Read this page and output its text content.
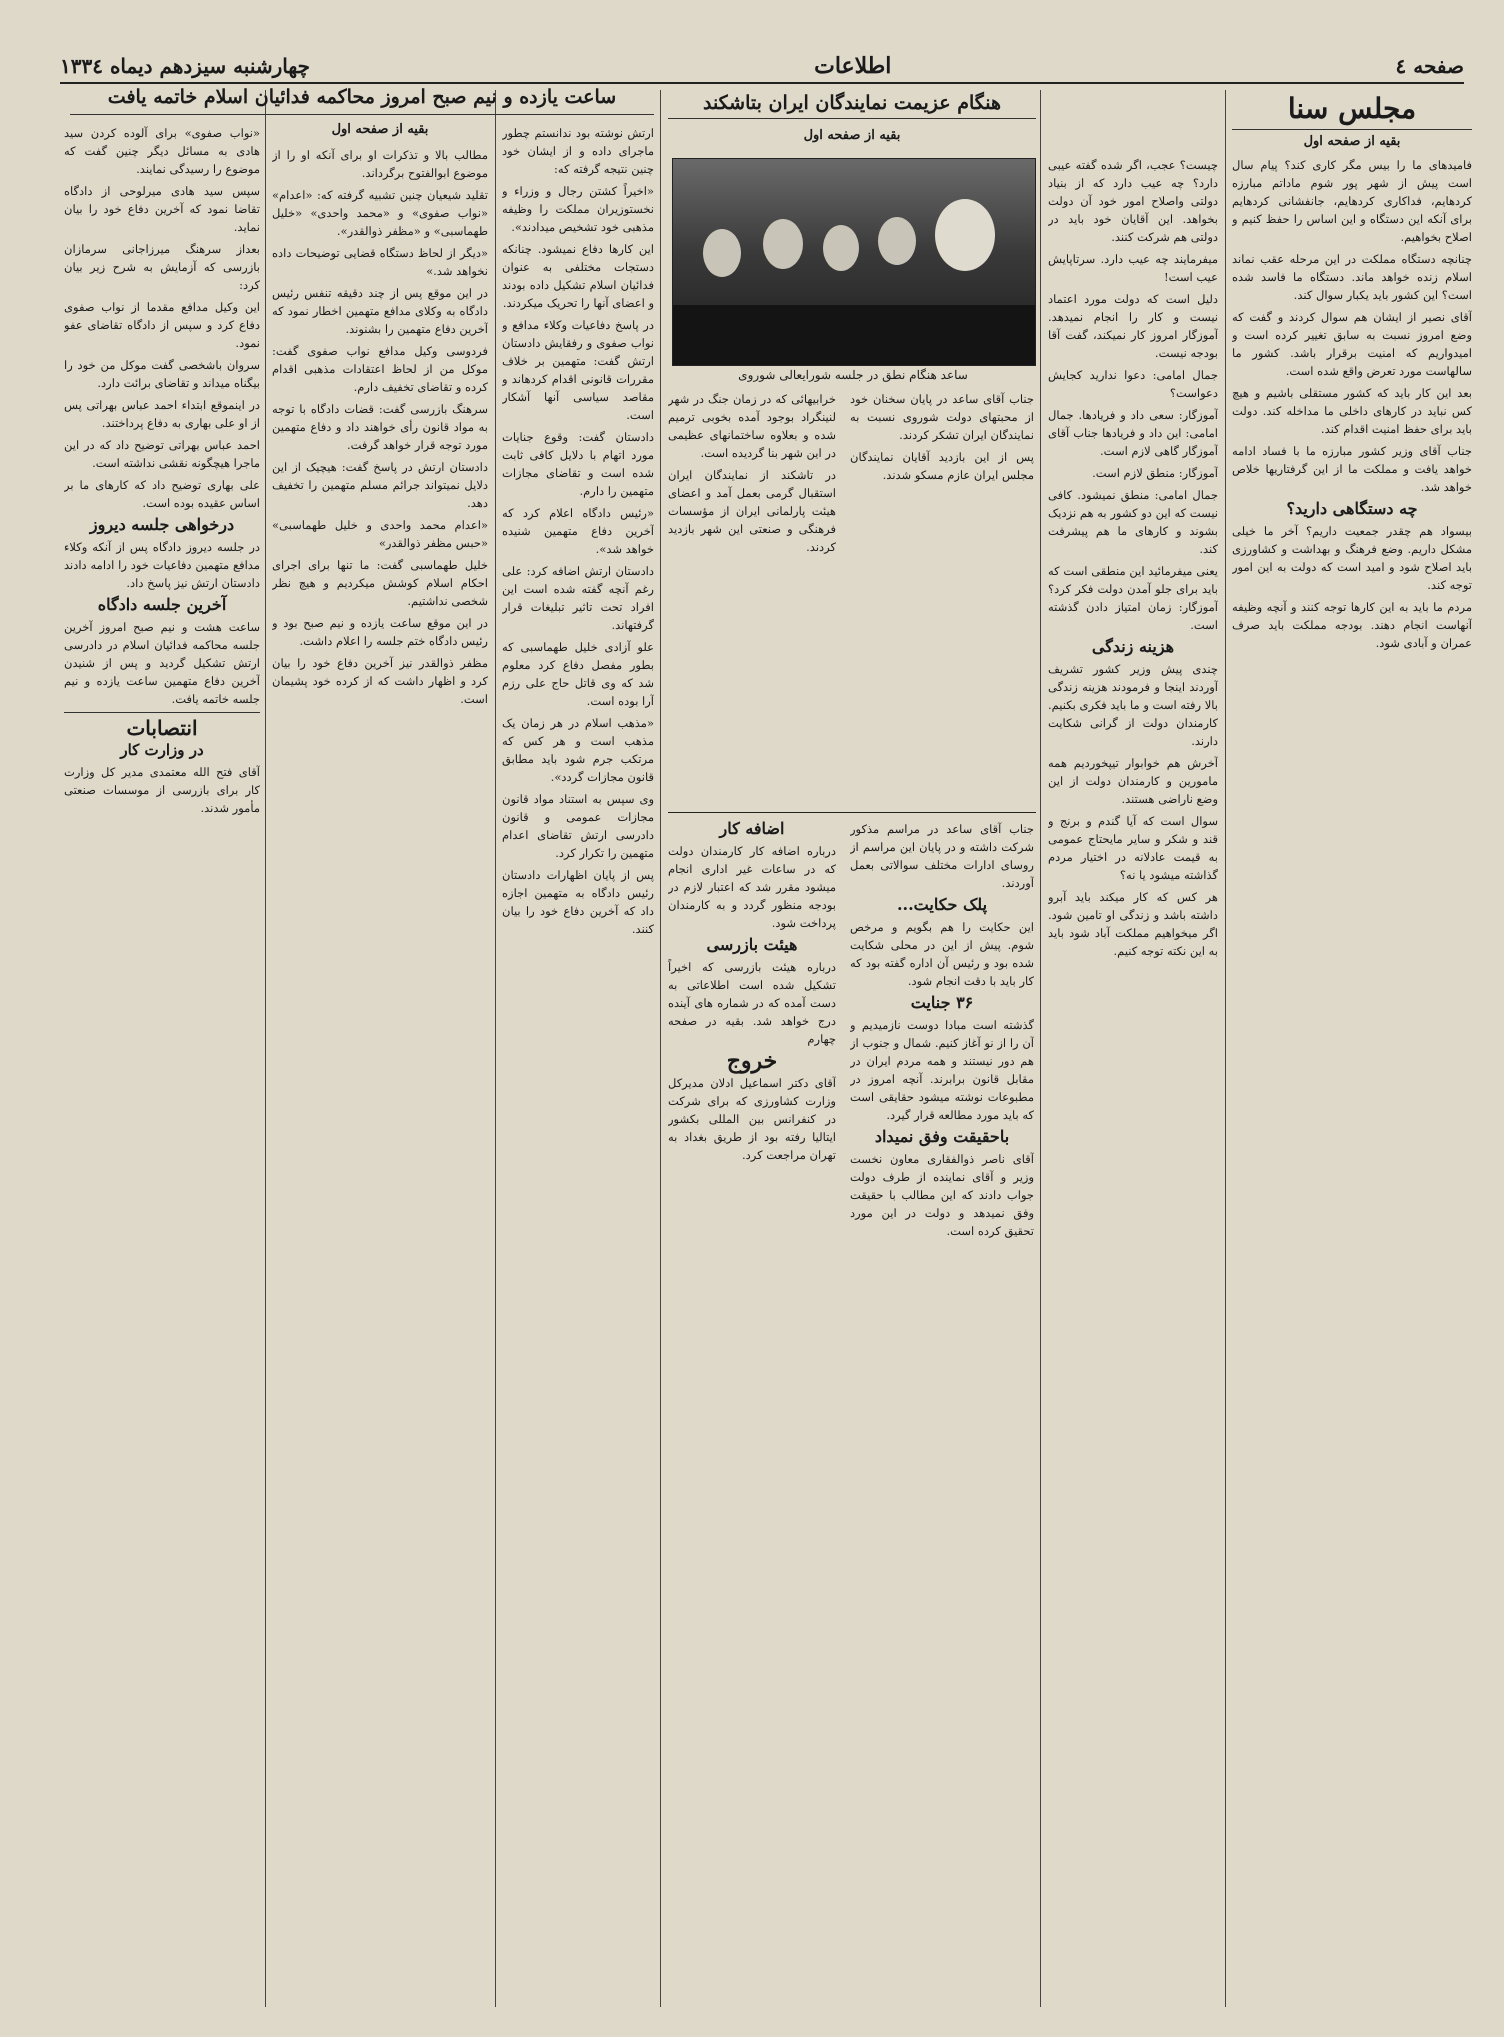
صفحه ٤
اطلاعات
چهارشنبه سیزدهم دیماه ۱۳۳٤
مجلس سنا
بقیه از صفحه اول

فامیدهای ما را بیس مگر کاری کند؟ پیام سال است پیش از شهر پور شوم ماداتم مبارزه کردهایم، فداکاری کردهایم، جانفشانی کردهایم برای آنکه این دستگاه و این اساس را حفظ کنیم و اصلاح بخواهیم.

چنانچه دستگاه مملکت در این مرحله عقب نماند اسلام زنده خواهد ماند. دستگاه ما فاسد شده است؟ این کشور باید یکبار سوال کند.

آقای نصیر از ایشان هم سوال کردند و گفت که وضع امروز نسبت به سابق تغییر کرده است و امیدواریم که امنیت برقرار باشد. کشور ما سالهاست مورد تعرض واقع شده است.

بعد این کار باید که کشور مستقلی باشیم و هیچ کس نباید در کارهای داخلی ما مداخله کند. دولت باید برای حفظ امنیت اقدام کند.

جناب آقای وزیر کشور مبارزه ما با فساد ادامه خواهد یافت و مملکت ما از این گرفتاریها خلاص خواهد شد.

چه دستگاهی دارید؟

بیسواد هم چقدر جمعیت داریم؟ آخر ما خیلی مشکل داریم. وضع فرهنگ و بهداشت و کشاورزی باید اصلاح شود و امید است که دولت به این امور توجه کند.

مردم ما باید به این کارها توجه کنند و آنچه وظیفه آنهاست انجام دهند. بودجه مملکت باید صرف عمران و آبادی شود.

چیست؟ عجب، اگر شده گفته عیبی دارد؟ چه عیب دارد که از بنیاد دولتی واصلاح امور خود آن دولت بخواهد. این آقایان خود باید در دولتی هم شرکت کنند.

میفرمایند چه عیب دارد. سرتاپایش عیب است!

دلیل است که دولت مورد اعتماد نیست و کار را انجام نمیدهد. آموزگار امروز کار نمیکند، گفت آقا بودجه نیست.

جمال امامی: دعوا ندارید کجایش دعواست؟

آموزگار: سعی داد و فریادها. جمال امامی: این داد و فریادها جناب آقای آموزگار گاهی لازم است.

آموزگار: منطق لازم است.

جمال امامی: منطق نمیشود. کافی نیست که این دو کشور به هم نزدیک بشوند و کارهای ما هم پیشرفت کند.

یعنی میفرمائید این منطقی است که باید برای جلو آمدن دولت فکر کرد؟ آموزگار: زمان امتیاز دادن گذشته است.

هزینه زندگی

چندی پیش وزیر کشور تشریف آوردند اینجا و فرمودند هزینه زندگی بالا رفته است و ما باید فکری بکنیم. کارمندان دولت از گرانی شکایت دارند.

آخرش هم خوابوار تیپخوردیم همه مامورین و کارمندان دولت از این وضع ناراضی هستند.

سوال است که آیا گندم و برنج و قند و شکر و سایر مایحتاج عمومی به قیمت عادلانه در اختیار مردم گذاشته میشود یا نه؟

هر کس که کار میکند باید آبرو داشته باشد و زندگی او تامین شود. اگر میخواهیم مملکت آباد شود باید به این نکته توجه کنیم.

هنگام عزیمت نمایندگان ایران بتاشکند
بقیه از صفحه اول
ساعد هنگام نطق در جلسه شورایعالی شوروی

خرابیهائی که در زمان جنگ در شهر لنینگراد بوجود آمده بخوبی ترمیم شده و بعلاوه ساختمانهای عظیمی در این شهر بنا گردیده است.

در تاشکند از نمایندگان ایران استقبال گرمی بعمل آمد و اعضای هیئت پارلمانی ایران از مؤسسات فرهنگی و صنعتی این شهر بازدید کردند.

جناب آقای ساعد در پایان سخنان خود از محبتهای دولت شوروی نسبت به نمایندگان ایران تشکر کردند.

پس از این بازدید آقایان نمایندگان مجلس ایران عازم مسکو شدند.

جناب آقای ساعد در مراسم مذکور شرکت داشته و در پایان این مراسم از روسای ادارات مختلف سوالاتی بعمل آوردند.

پلک حکایت...

این حکایت را هم بگویم و مرخص شوم. پیش از این در محلی شکایت شده بود و رئیس آن اداره گفته بود که کار باید با دقت انجام شود.

۳۶ جنایت

گذشته است مبادا دوست نازمیدیم و آن را از نو آغاز کنیم. شمال و جنوب از هم دور نیستند و همه مردم ایران در مقابل قانون برابرند. آنچه امروز در مطبوعات نوشته میشود حقایقی است که باید مورد مطالعه قرار گیرد.

باحقیقت وفق نمیداد

آقای ناصر ذوالفقاری معاون نخست وزیر و آقای نماینده از طرف دولت جواب دادند که این مطالب با حقیقت وفق نمیدهد و دولت در این مورد تحقیق کرده است.

اضافه کار

درباره اضافه کار کارمندان دولت که در ساعات غیر اداری انجام میشود مقرر شد که اعتبار لازم در بودجه منظور گردد و به کارمندان پرداخت شود.

هیئت بازرسی

درباره هیئت بازرسی که اخیراً تشکیل شده است اطلاعاتی به دست آمده که در شماره های آینده درج خواهد شد. بقیه در صفحه چهارم

خروج

آقای دکتر اسماعیل ادلان مدیرکل وزارت کشاورزی که برای شرکت در کنفرانس بین المللی بکشور ایتالیا رفته بود از طریق بغداد به تهران مراجعت کرد.

ساعت یازده و نیم صبح امروز محاکمه فدائیان اسلام خاتمه یافت
بقیه از صفحه اول	ارتش نوشته بود ندانستم چطور ماجرای داده و از ایشان خود چنین نتیجه گرفته که:

«اخیراً کشتن رجال و وزراء و نخستوزیران مملکت را وظیفه مذهبی خود تشخیص میدادند».

این کارها دفاع نمیشود. چنانکه دستجات مختلفی به عنوان فدائیان اسلام تشکیل داده بودند و اعضای آنها را تحریک میکردند.

در پاسخ دفاعیات وکلاء مدافع و نواب صفوی و رفقایش دادستان ارتش گفت: متهمین بر خلاف مقررات قانونی اقدام کردهاند و مقاصد سیاسی آنها آشکار است.

دادستان گفت: وقوع جنایات مورد اتهام با دلایل کافی ثابت شده است و تقاضای مجازات متهمین را دارم.

«رئیس دادگاه اعلام کرد که آخرین دفاع متهمین شنیده خواهد شد».

دادستان ارتش اضافه کرد: علی رغم آنچه گفته شده است این افراد تحت تاثیر تبلیغات قرار گرفتهاند.

علو آزادی خلیل طهماسبی که بطور مفصل دفاع کرد معلوم شد که وی قاتل حاج علی رزم آرا بوده است.

«مذهب اسلام در هر زمان یک مذهب است و هر کس که مرتکب جرم شود باید مطابق قانون مجازات گردد».

وی سپس به استناد مواد قانون مجازات عمومی و قانون دادرسی ارتش تقاضای اعدام متهمین را تکرار کرد.

پس از پایان اظهارات دادستان رئیس دادگاه به متهمین اجازه داد که آخرین دفاع خود را بیان کنند.

مطالب بالا و تذکرات او برای آنکه او را از موضوع ابوالفتوح برگرداند.

تقلید شیعیان چنین تشبیه گرفته که: «اعدام» «نواب صفوی» و «محمد واحدی» «خلیل طهماسبی» و «مظفر ذوالقدر».

«دیگر از لحاظ دستگاه قضایی توضیحات داده نخواهد شد.»

در این موقع پس از چند دقیقه تنفس رئیس دادگاه به وکلای مدافع متهمین اخطار نمود که آخرین دفاع متهمین را بشنوند.

فردوسی وکیل مدافع نواب صفوی گفت: موکل من از لحاظ اعتقادات مذهبی اقدام کرده و تقاضای تخفیف دارم.

سرهنگ بازرسی گفت: قضات دادگاه با توجه به مواد قانون رأی خواهند داد و دفاع متهمین مورد توجه قرار خواهد گرفت.

دادستان ارتش در پاسخ گفت: هیچیک از این دلایل نمیتواند جرائم مسلم متهمین را تخفیف دهد.

«اعدام محمد واحدی و خلیل طهماسبی» «حبس مظفر ذوالقدر»

خلیل طهماسبی گفت: ما تنها برای اجرای احکام اسلام کوشش میکردیم و هیچ نظر شخصی نداشتیم.

در این موقع ساعت یازده و نیم صبح بود و رئیس دادگاه ختم جلسه را اعلام داشت.

مظفر ذوالقدر نیز آخرین دفاع خود را بیان کرد و اظهار داشت که از کرده خود پشیمان است.

«نواب صفوی» برای آلوده کردن سید هادی به مسائل دیگر چنین گفت که موضوع را رسیدگی نمایند.

سپس سید هادی میرلوحی از دادگاه تقاضا نمود که آخرین دفاع خود را بیان نماید.

بعداز سرهنگ میرزاجانی سرمازان بازرسی که آزمایش به شرح زیر بیان کرد:

این وکیل مدافع مقدما از نواب صفوی دفاع کرد و سپس از دادگاه تقاضای عفو نمود.

سروان باشخصی گفت موکل من خود را بیگناه میداند و تقاضای برائت دارد.

در اینموقع ابتداء احمد عباس بهراتی پس از او علی بهاری به دفاع پرداختند.

احمد عباس بهراتی توضیح داد که در این ماجرا هیچگونه نقشی نداشته است.

علی بهاری توضیح داد که کارهای ما بر اساس عقیده بوده است.

درخواهی جلسه دیروز

در جلسه دیروز دادگاه پس از آنکه وکلاء مدافع متهمین دفاعیات خود را ادامه دادند دادستان ارتش نیز پاسخ داد.

آخرین جلسه دادگاه

ساعت هشت و نیم صبح امروز آخرین جلسه محاکمه فدائیان اسلام در دادرسی ارتش تشکیل گردید و پس از شنیدن آخرین دفاع متهمین ساعت یازده و نیم جلسه خاتمه یافت.

انتصابات

در وزارت کار

آقای فتح الله معتمدی مدیر کل وزارت کار برای بازرسی از موسسات صنعتی مأمور شدند.
